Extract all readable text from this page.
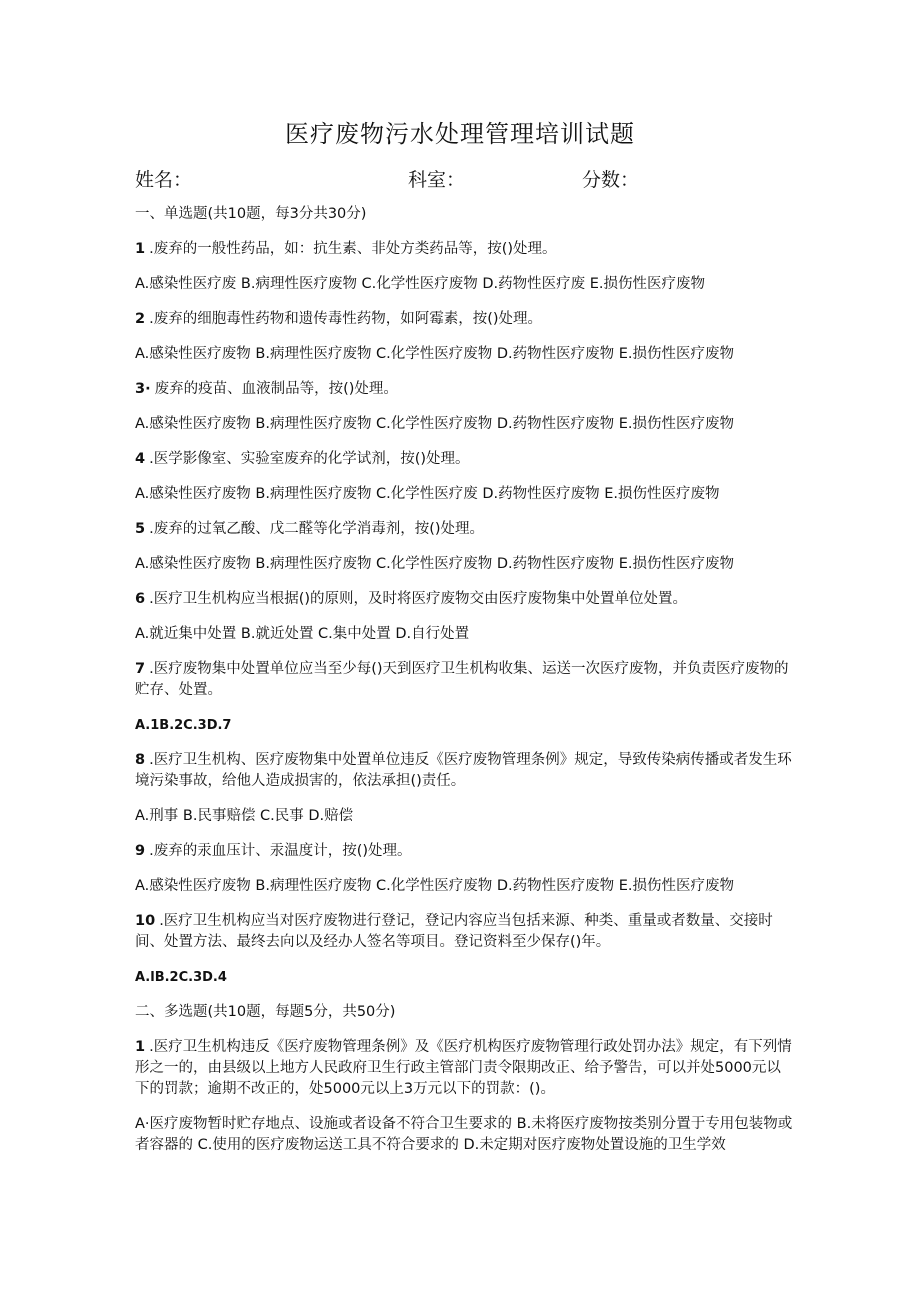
医疗废物污水处理管理培训试题
姓名：	科室：	分数：

一、单选题(共10题，每3分共30分)

1 .废弃的一般性药品，如：抗生素、非处方类药品等，按()处理。

A.感染性医疗废 B.病理性医疗废物 C.化学性医疗废物 D.药物性医疗废 E.损伤性医疗废物

2 .废弃的细胞毒性药物和遗传毒性药物，如阿霉素，按()处理。

A.感染性医疗废物 B.病理性医疗废物 C.化学性医疗废物 D.药物性医疗废物 E.损伤性医疗废物

3· 废弃的疫苗、血液制品等，按()处理。

A.感染性医疗废物 B.病理性医疗废物 C.化学性医疗废物 D.药物性医疗废物 E.损伤性医疗废物

4 .医学影像室、实验室废弃的化学试剂，按()处理。

A.感染性医疗废物 B.病理性医疗废物 C.化学性医疗废 D.药物性医疗废物 E.损伤性医疗废物

5 .废弃的过氧乙酸、戊二醛等化学消毒剂，按()处理。

A.感染性医疗废物 B.病理性医疗废物 C.化学性医疗废物 D.药物性医疗废物 E.损伤性医疗废物

6 .医疗卫生机构应当根据()的原则，及时将医疗废物交由医疗废物集中处置单位处置。

A.就近集中处置 B.就近处置 C.集中处置 D.自行处置

7 .医疗废物集中处置单位应当至少每()天到医疗卫生机构收集、运送一次医疗废物，并负责医疗废物的贮存、处置。

A.1B.2C.3D.7

8 .医疗卫生机构、医疗废物集中处置单位违反《医疗废物管理条例》规定，导致传染病传播或者发生环境污染事故，给他人造成损害的，依法承担()责任。

A.刑事 B.民事赔偿 C.民事 D.赔偿

9 .废弃的汞血压计、汞温度计，按()处理。

A.感染性医疗废物 B.病理性医疗废物 C.化学性医疗废物 D.药物性医疗废物 E.损伤性医疗废物

10 .医疗卫生机构应当对医疗废物进行登记，登记内容应当包括来源、种类、重量或者数量、交接时间、处置方法、最终去向以及经办人签名等项目。登记资料至少保存()年。

A.lB.2C.3D.4

二、多选题(共10题，每题5分，共50分)

1 .医疗卫生机构违反《医疗废物管理条例》及《医疗机构医疗废物管理行政处罚办法》规定，有下列情形之一的，由县级以上地方人民政府卫生行政主管部门责令限期改正、给予警告，可以并处5000元以下的罚款；逾期不改正的，处5000元以上3万元以下的罚款：()。

A·医疗废物暂时贮存地点、设施或者设备不符合卫生要求的 B.未将医疗废物按类别分置于专用包装物或者容器的 C.使用的医疗废物运送工具不符合要求的 D.未定期对医疗废物处置设施的卫生学效
